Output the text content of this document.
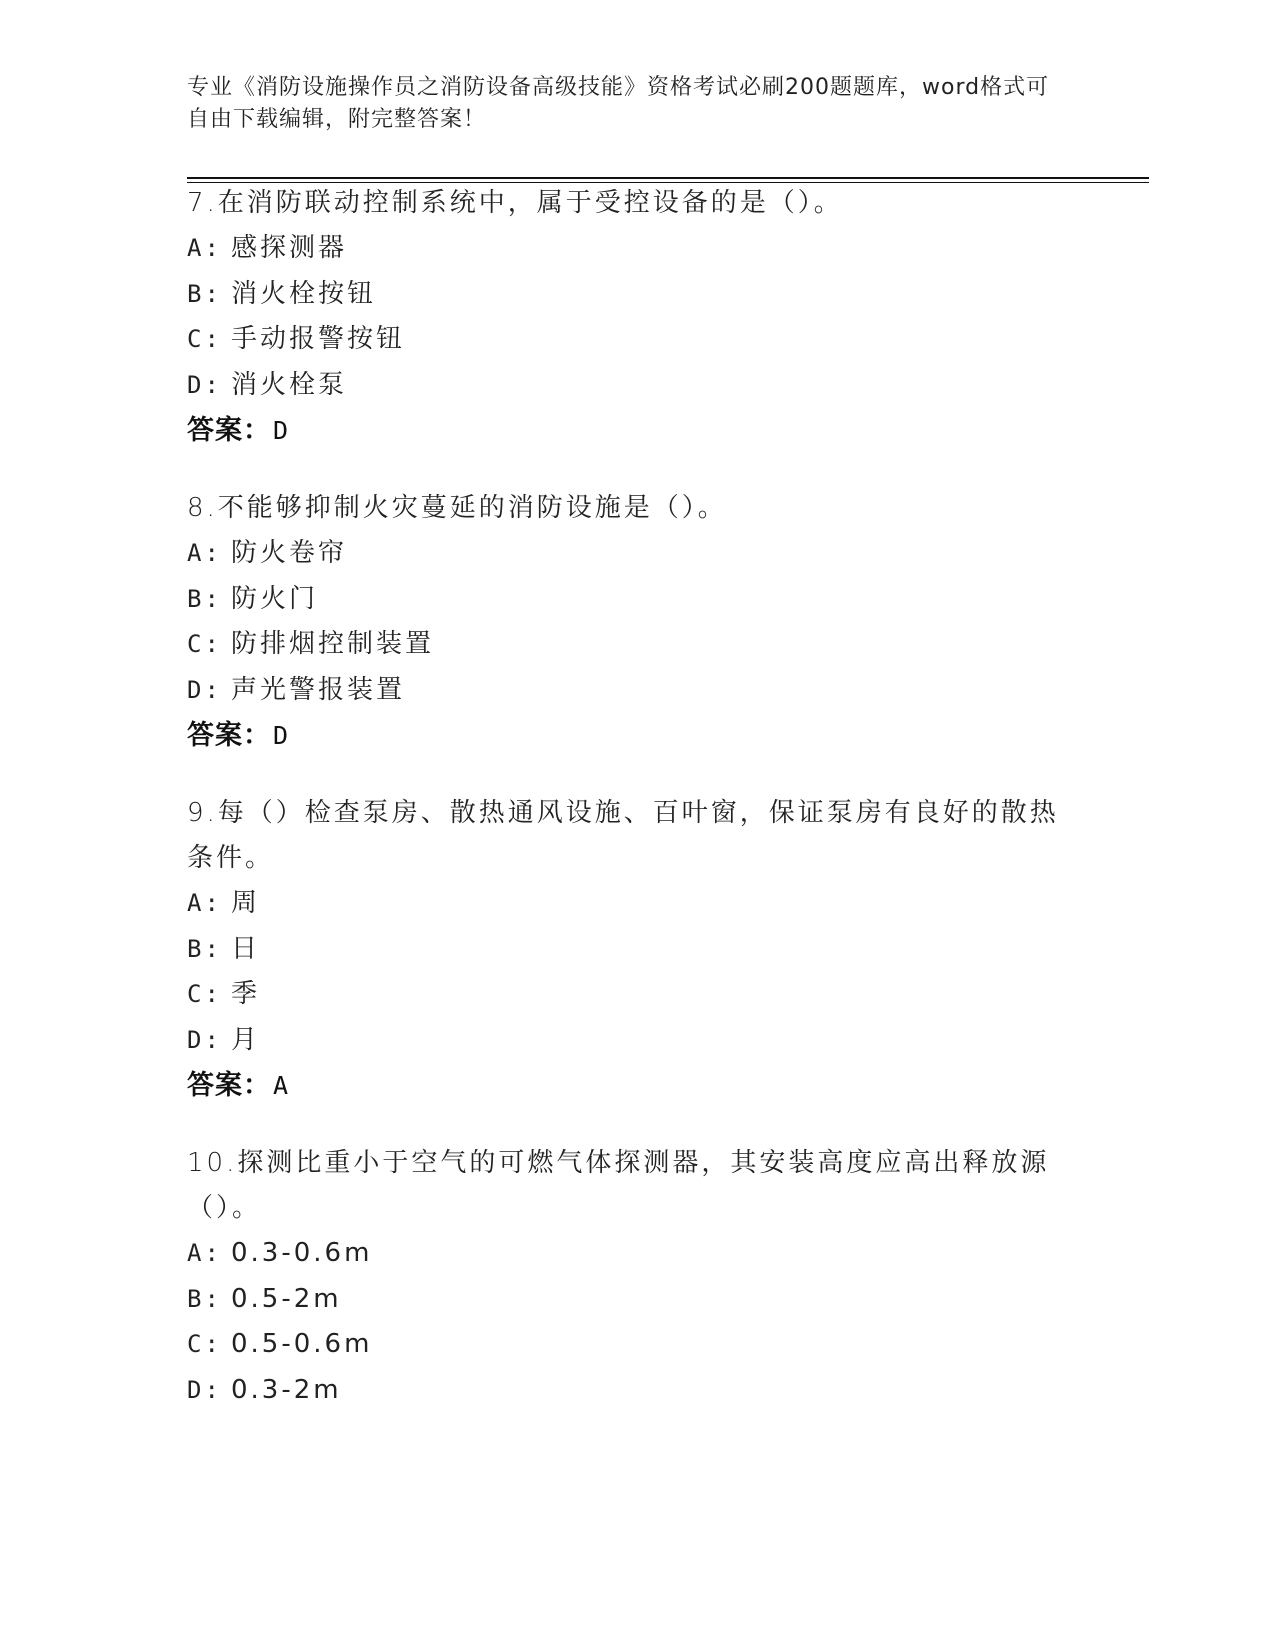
专业《消防设施操作员之消防设备高级技能》资格考试必刷200题题库，word格式可自由下载编辑，附完整答案！

7.在消防联动控制系统中，属于受控设备的是（）。

A: 感探测器
B: 消火栓按钮
C: 手动报警按钮
D: 消火栓泵
答案：D

8.不能够抑制火灾蔓延的消防设施是（）。

A: 防火卷帘
B: 防火门
C: 防排烟控制装置
D: 声光警报装置
答案：D

9.每（）检查泵房、散热通风设施、百叶窗，保证泵房有良好的散热条件。

A: 周
B: 日
C: 季
D: 月
答案：A

10.探测比重小于空气的可燃气体探测器，其安装高度应高出释放源（）。

A: 0.3-0.6m
B: 0.5-2m
C: 0.5-0.6m
D: 0.3-2m
